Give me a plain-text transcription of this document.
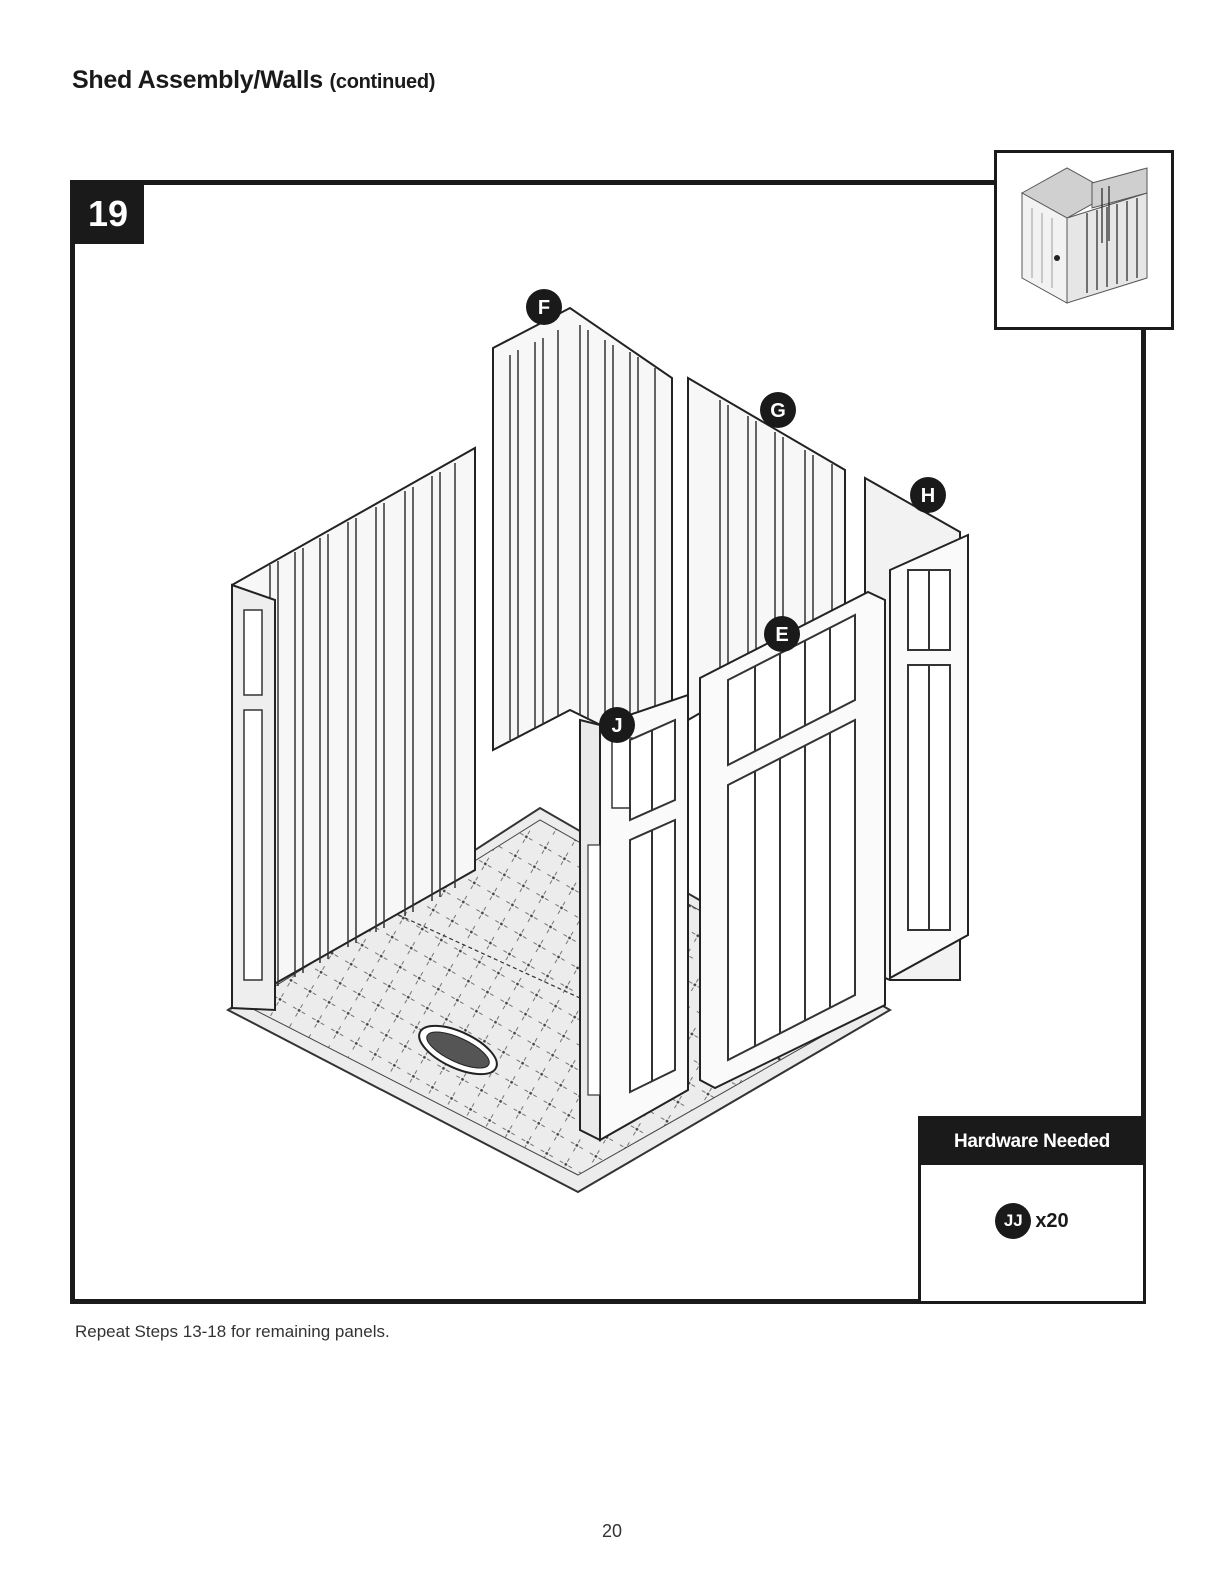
Shed Assembly/Walls (continued)
19
F
G
H
E
J
Hardware Needed
JJ x20
Repeat Steps 13-18 for remaining panels.
20
